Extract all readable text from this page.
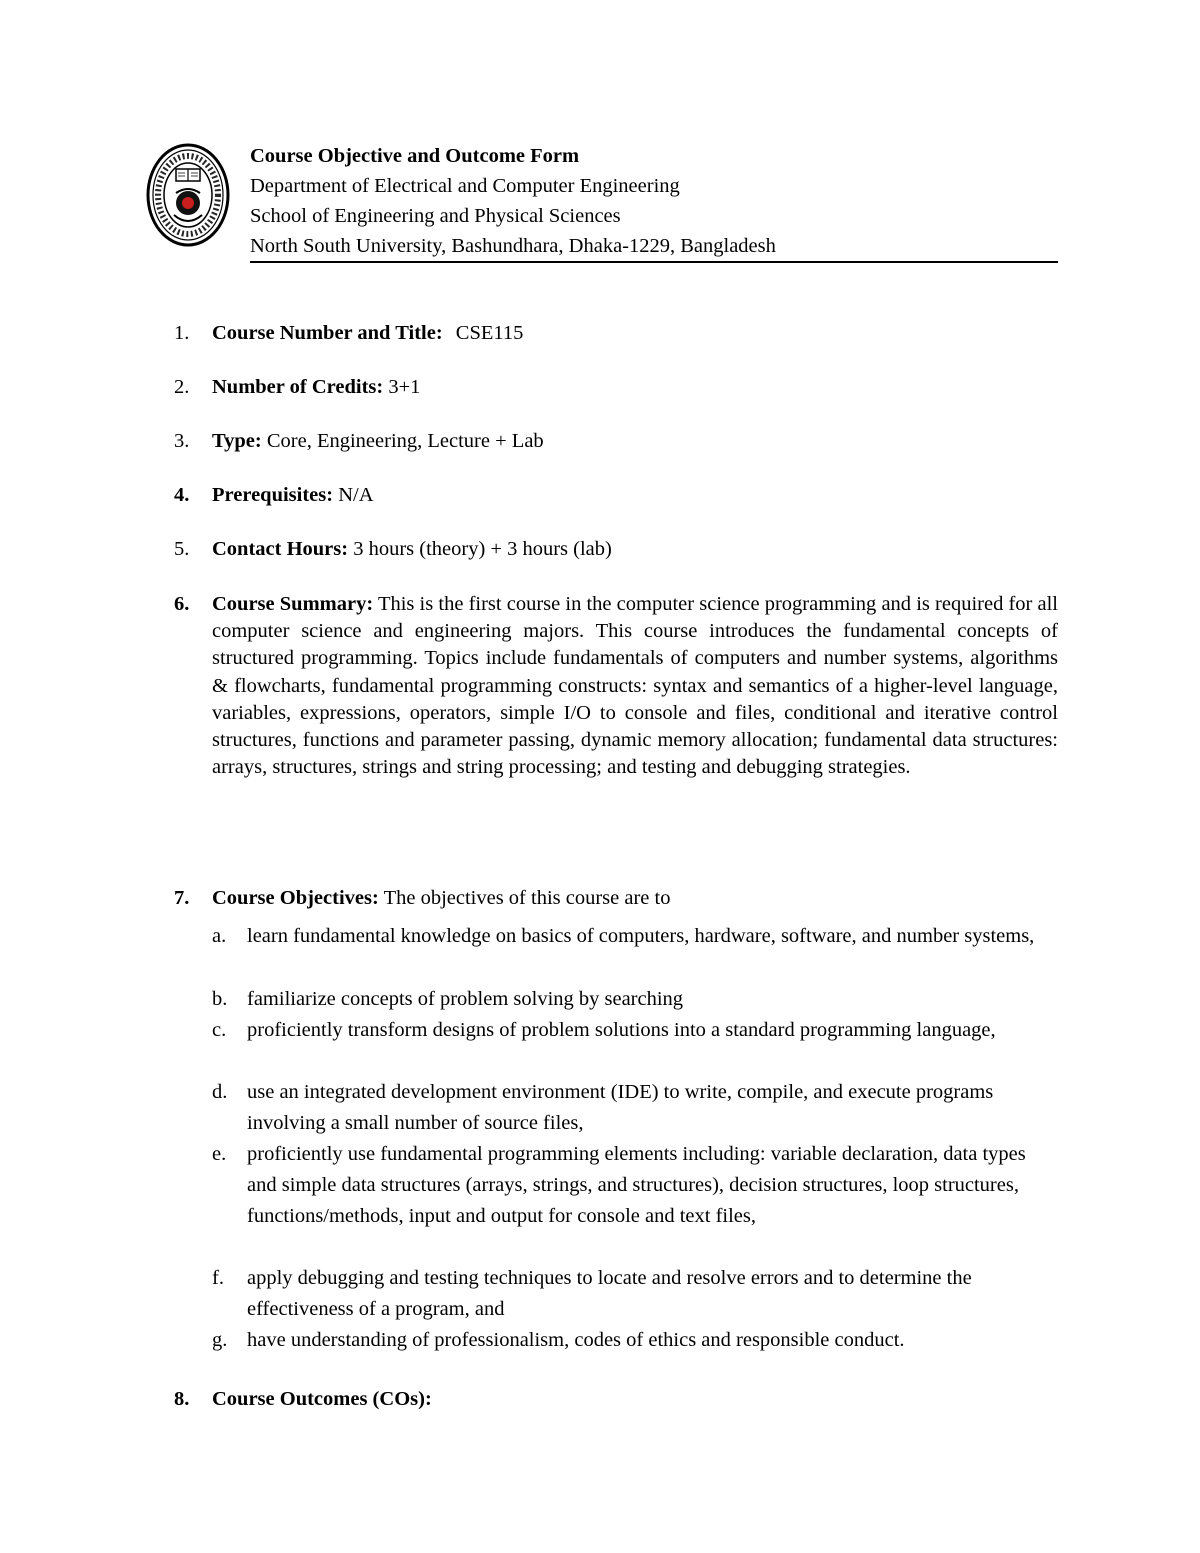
Course Objective and Outcome Form
Department of Electrical and Computer Engineering
School of Engineering and Physical Sciences
North South University, Bashundhara, Dhaka-1229, Bangladesh
1. Course Number and Title: CSE115
2. Number of Credits: 3+1
3. Type: Core, Engineering, Lecture + Lab
4. Prerequisites: N/A
5. Contact Hours: 3 hours (theory) + 3 hours (lab)
6. Course Summary: This is the first course in the computer science programming and is required for all computer science and engineering majors. This course introduces the fundamental concepts of structured programming. Topics include fundamentals of computers and number systems, algorithms & flowcharts, fundamental programming constructs: syntax and semantics of a higher-level language, variables, expressions, operators, simple I/O to console and files, conditional and iterative control structures, functions and parameter passing, dynamic memory allocation; fundamental data structures: arrays, structures, strings and string processing; and testing and debugging strategies.
7. Course Objectives: The objectives of this course are to
a. learn fundamental knowledge on basics of computers, hardware, software, and number systems,
b. familiarize concepts of problem solving by searching
c. proficiently transform designs of problem solutions into a standard programming language,
d. use an integrated development environment (IDE) to write, compile, and execute programs involving a small number of source files,
e. proficiently use fundamental programming elements including: variable declaration, data types and simple data structures (arrays, strings, and structures), decision structures, loop structures, functions/methods, input and output for console and text files,
f. apply debugging and testing techniques to locate and resolve errors and to determine the effectiveness of a program, and
g. have understanding of professionalism, codes of ethics and responsible conduct.
8. Course Outcomes (COs):
